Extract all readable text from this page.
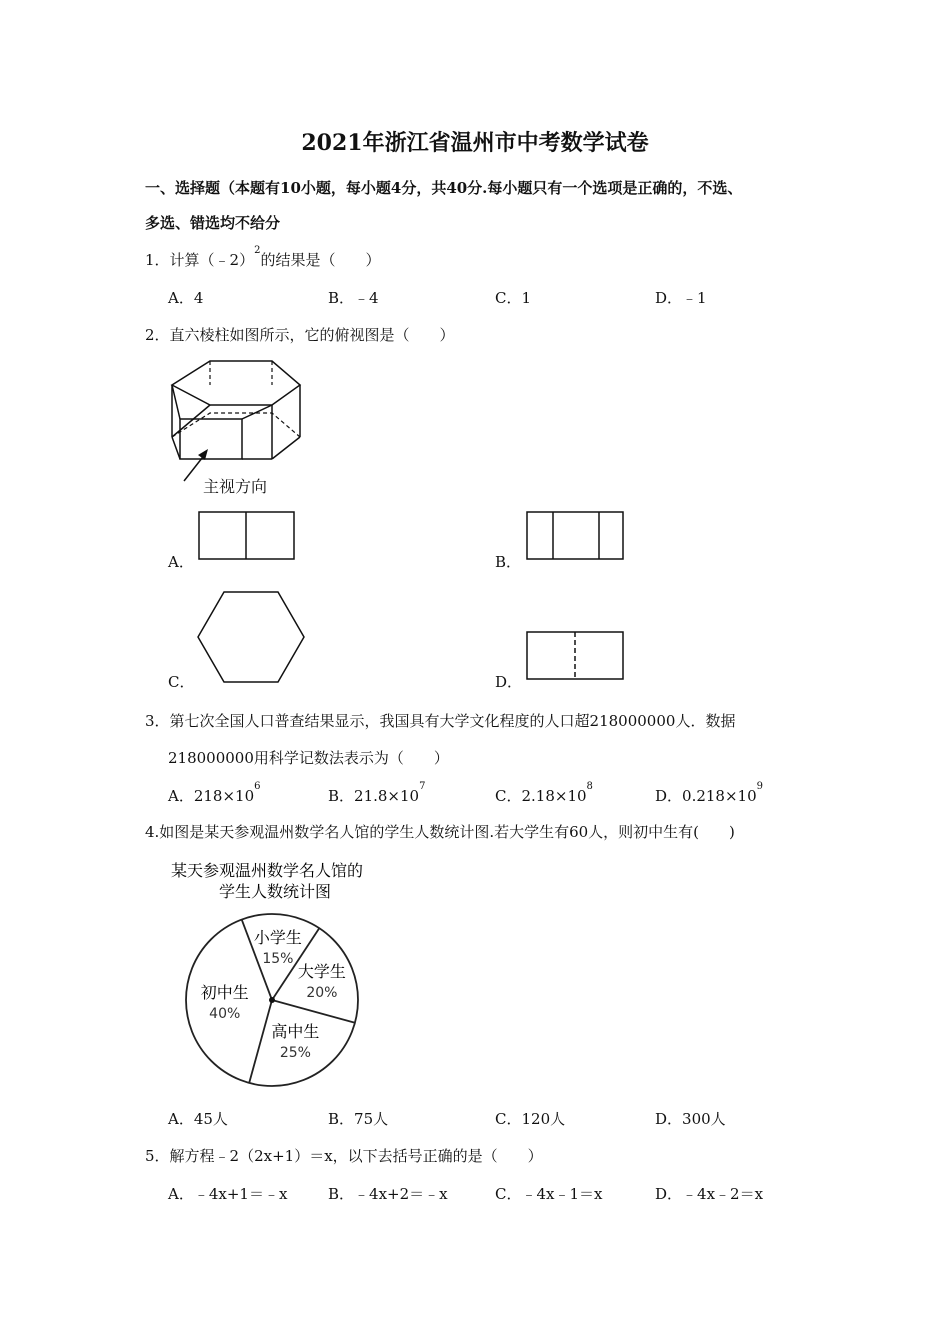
2021年浙江省温州市中考数学试卷
一、选择题（本题有10小题，每小题4分，共40分.每小题只有一个选项是正确的，不选、
多选、错选均不给分
1．计算（﹣2）$^2$的结果是（　　）
A．4	B．﹣4	C．1	D．﹣1
2．直六棱柱如图所示，它的俯视图是（　　）
主视方向
A．	B．
C．	D．
3．第七次全国人口普查结果显示，我国具有大学文化程度的人口超218000000人．数据
218000000用科学记数法表示为（　　）
A．$218\times 10^6$
B．$21.8\times 10^7$
C．$2.18\times 10^8$
D．$0.218\times 10^9$
4.如图是某天参观温州数学名人馆的学生人数统计图.若大学生有60人，则初中生有(　　)
某天参观温州数学名人馆的
学生人数统计图
小学生
15%
大学生
20%
高中生
25%
初中生
40%
A．45人	B．75人	C．120人	D．300人
5．解方程﹣2（2x+1）＝x，以下去括号正确的是（　　）
A．﹣4x+1＝﹣x	B．﹣4x+2＝﹣x	C．﹣4x﹣1＝x	D．﹣4x﹣2＝x
